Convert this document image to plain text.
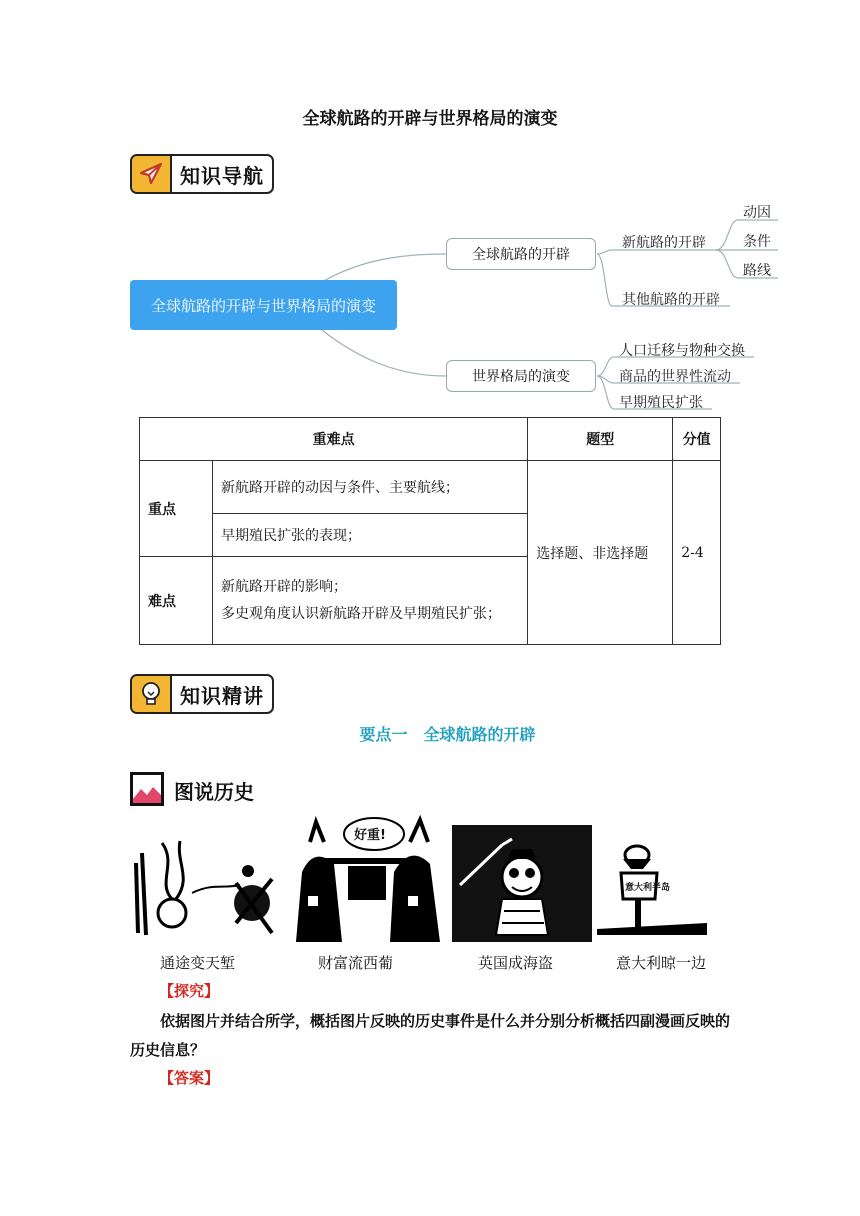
全球航路的开辟与世界格局的演变
知识导航
全球航路的开辟与世界格局的演变
全球航路的开辟
世界格局的演变
新航路的开辟
其他航路的开辟
动因
条件
路线
人口迁移与物种交换
商品的世界性流动
早期殖民扩张
重难点		题型	分值
重点	新航路开辟的动因与条件、主要航线；	选择题、非选择题	2-4
	早期殖民扩张的表现；		
难点	新航路开辟的影响；
多史观角度认识新航路开辟及早期殖民扩张；		
知识精讲
要点一　全球航路的开辟
图说历史
好重!
意大利半岛
通途变天堑	财富流西葡	英国成海盗	意大利晾一边
【探究】
依据图片并结合所学，概括图片反映的历史事件是什么并分别分析概括四副漫画反映的历史信息？
【答案】
